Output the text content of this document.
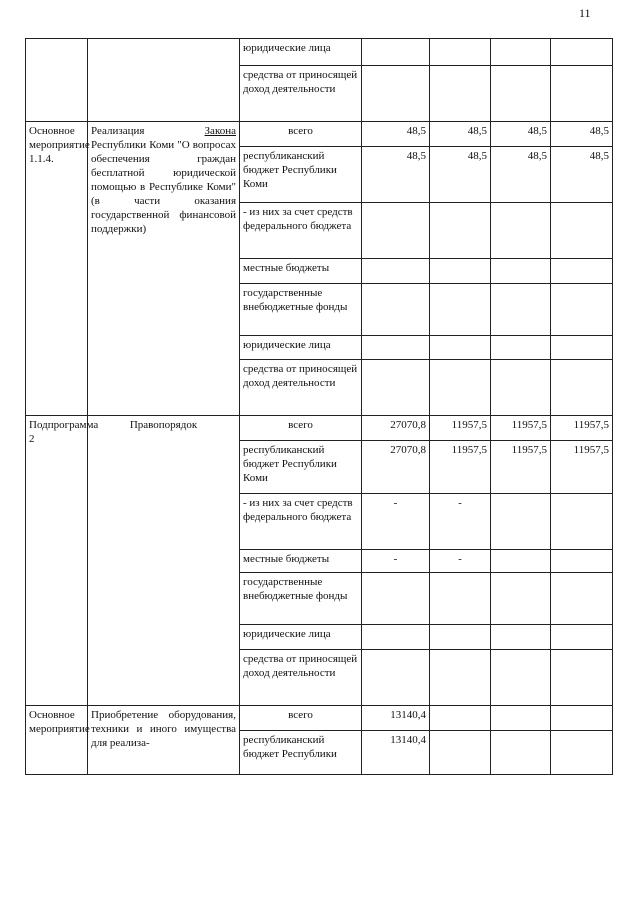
11
		юридические лица				
		средства от приносящей доход деятельности				
Основное мероприятие 1.1.4.	Реализация Закона Республики Коми "О вопросах обеспечения граждан бесплатной юридической помощью в Республике Коми" (в части оказания государственной финансовой поддержки)	всего	48,5	48,5	48,5	48,5
		республиканский бюджет Республики Коми	48,5	48,5	48,5	48,5
		- из них за счет средств федерального бюджета				
		местные бюджеты				
		государственные внебюджетные фонды				
		юридические лица				
		средства от приносящей доход деятельности				
Подпрограмма 2	Правопорядок	всего	27070,8	11957,5	11957,5	11957,5
		республиканский бюджет Республики Коми	27070,8	11957,5	11957,5	11957,5
		- из них за счет средств федерального бюджета	-	-		
		местные бюджеты	-	-		
		государственные внебюджетные фонды				
		юридические лица				
		средства от приносящей доход деятельности				
Основное мероприятие	Приобретение оборудования, техники и иного имущества для реализа-	всего	13140,4			
		республиканский бюджет Республики	13140,4			
